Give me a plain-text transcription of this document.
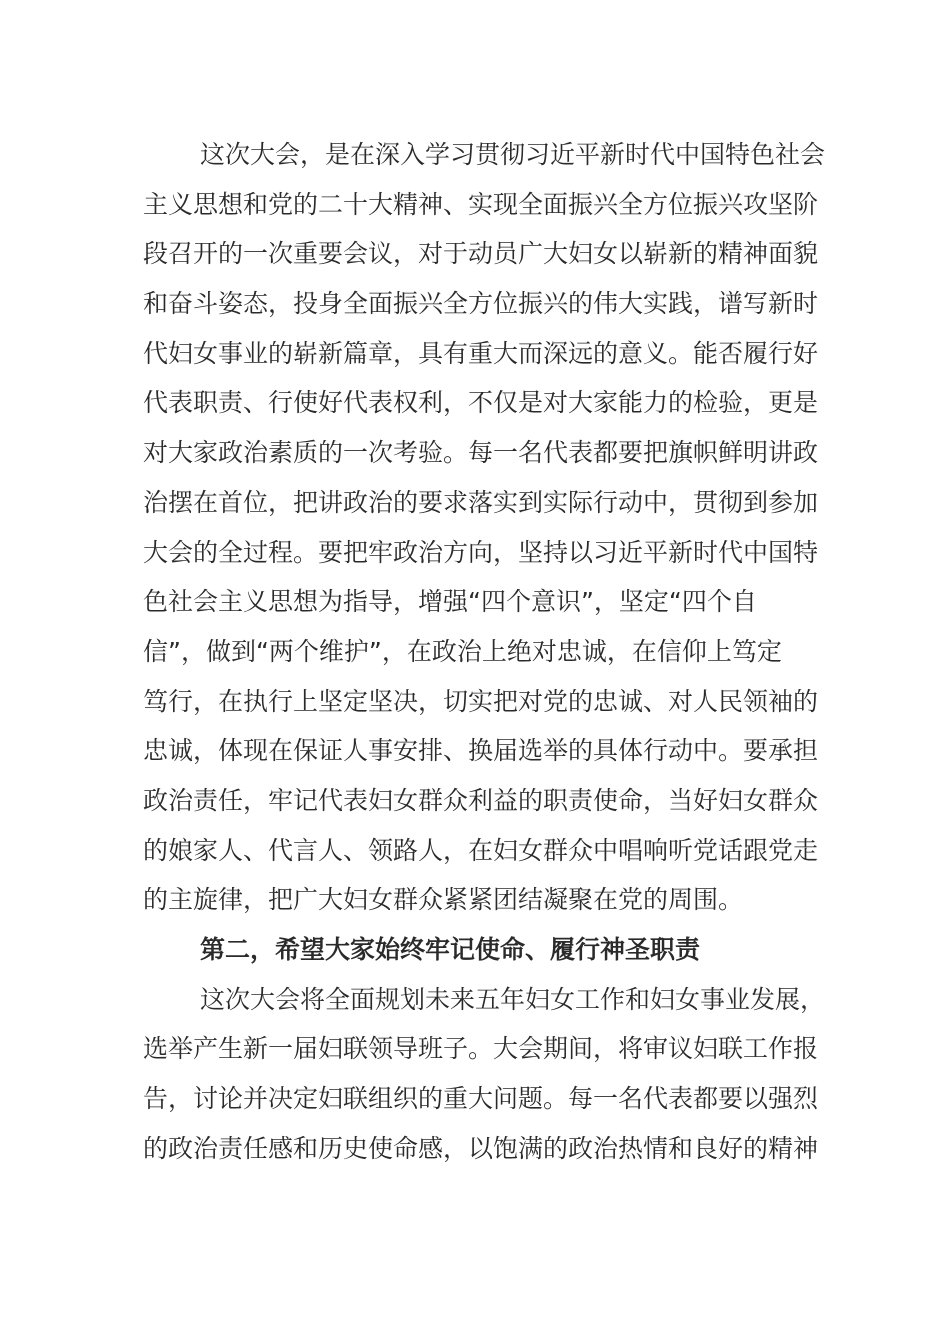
这次大会，是在深入学习贯彻习近平新时代中国特色社会
主义思想和党的二十大精神、实现全面振兴全方位振兴攻坚阶
段召开的一次重要会议，对于动员广大妇女以崭新的精神面貌
和奋斗姿态，投身全面振兴全方位振兴的伟大实践，谱写新时
代妇女事业的崭新篇章，具有重大而深远的意义。能否履行好
代表职责、行使好代表权利，不仅是对大家能力的检验，更是
对大家政治素质的一次考验。每一名代表都要把旗帜鲜明讲政
治摆在首位，把讲政治的要求落实到实际行动中，贯彻到参加
大会的全过程。要把牢政治方向，坚持以习近平新时代中国特
色社会主义思想为指导，增强“四个意识”，坚定“四个自
信”，做到“两个维护”，在政治上绝对忠诚，在信仰上笃定
笃行，在执行上坚定坚决，切实把对党的忠诚、对人民领袖的
忠诚，体现在保证人事安排、换届选举的具体行动中。要承担
政治责任，牢记代表妇女群众利益的职责使命，当好妇女群众
的娘家人、代言人、领路人，在妇女群众中唱响听党话跟党走
的主旋律，把广大妇女群众紧紧团结凝聚在党的周围。
第二，希望大家始终牢记使命、履行神圣职责
这次大会将全面规划未来五年妇女工作和妇女事业发展，
选举产生新一届妇联领导班子。大会期间，将审议妇联工作报
告，讨论并决定妇联组织的重大问题。每一名代表都要以强烈
的政治责任感和历史使命感，以饱满的政治热情和良好的精神
